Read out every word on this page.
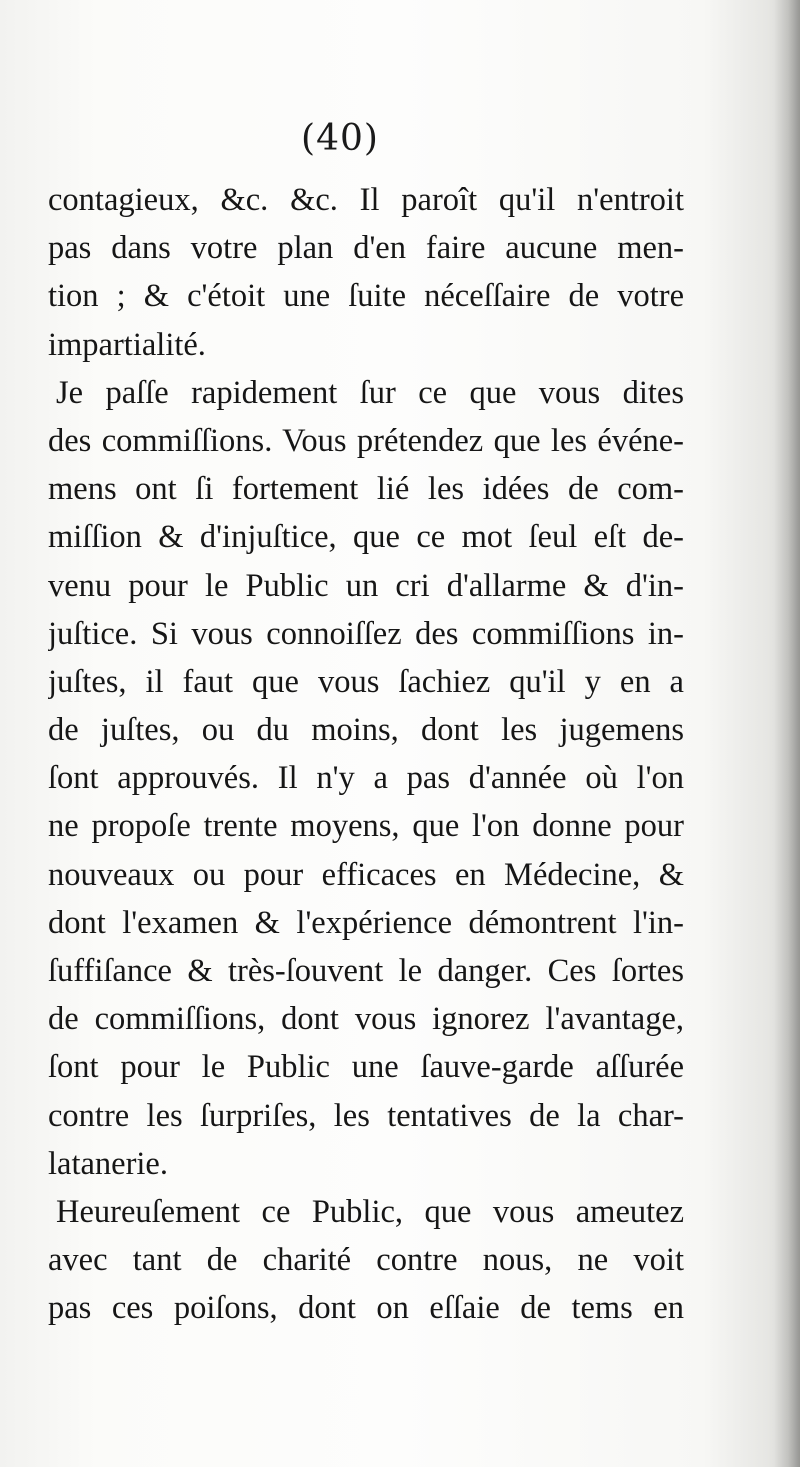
(40)
contagieux, &c. &c. Il paroît qu'il n'entroit
pas dans votre plan d'en faire aucune men-
tion ; & c'étoit une ſuite néceſſaire de votre
impartialité.
Je paſſe rapidement ſur ce que vous dites
des commiſſions. Vous prétendez que les événe-
mens ont ſi fortement lié les idées de com-
miſſion & d'injuſtice, que ce mot ſeul eſt de-
venu pour le Public un cri d'allarme & d'in-
juſtice. Si vous connoiſſez des commiſſions in-
juſtes, il faut que vous ſachiez qu'il y en a
de juſtes, ou du moins, dont les jugemens
ſont approuvés. Il n'y a pas d'année où l'on
ne propoſe trente moyens, que l'on donne pour
nouveaux ou pour efficaces en Médecine, &
dont l'examen & l'expérience démontrent l'in-
ſuffiſance & très-ſouvent le danger. Ces ſortes
de commiſſions, dont vous ignorez l'avantage,
ſont pour le Public une ſauve-garde aſſurée
contre les ſurpriſes, les tentatives de la char-
latanerie.
Heureuſement ce Public, que vous ameutez
avec tant de charité contre nous, ne voit
pas ces poiſons, dont on eſſaie de tems en
